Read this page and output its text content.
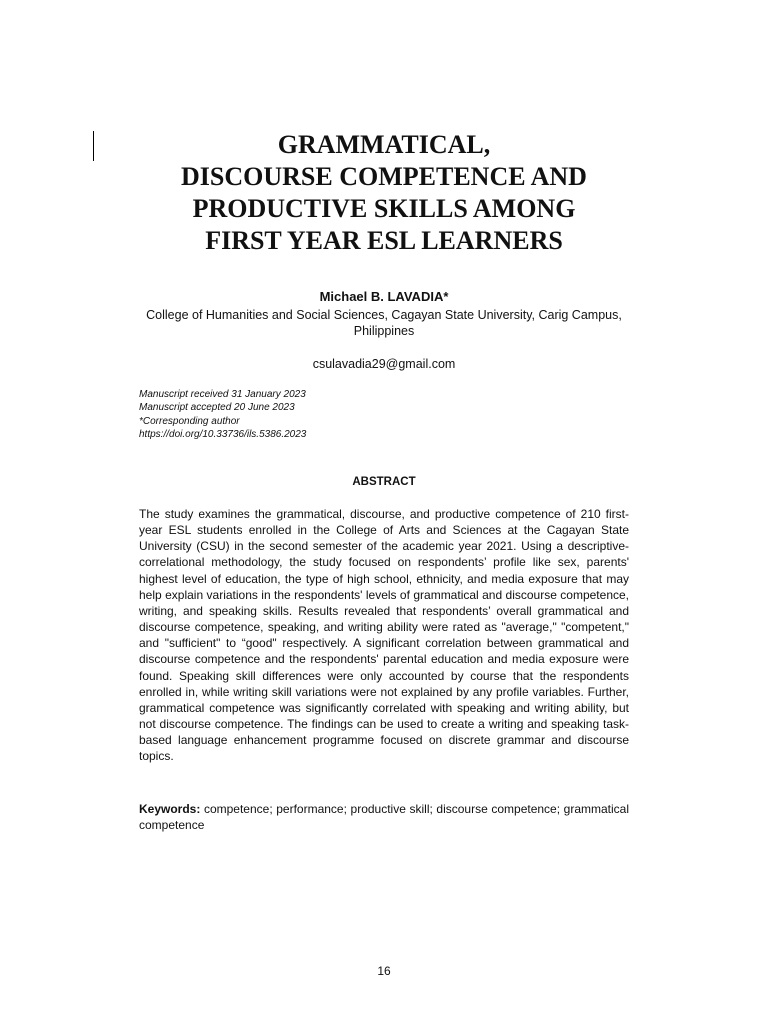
GRAMMATICAL,
DISCOURSE COMPETENCE AND
PRODUCTIVE SKILLS AMONG
FIRST YEAR ESL LEARNERS
Michael B. LAVADIA*
College of Humanities and Social Sciences, Cagayan State University, Carig Campus, Philippines
csulavadia29@gmail.com
Manuscript received 31 January 2023
Manuscript accepted 20 June 2023
*Corresponding author
https://doi.org/10.33736/ils.5386.2023
ABSTRACT

The study examines the grammatical, discourse, and productive competence of 210 first-year ESL students enrolled in the College of Arts and Sciences at the Cagayan State University (CSU) in the second semester of the academic year 2021. Using a descriptive-correlational methodology, the study focused on respondents’ profile like sex, parents' highest level of education, the type of high school, ethnicity, and media exposure that may help explain variations in the respondents' levels of grammatical and discourse competence, writing, and speaking skills. Results revealed that respondents’ overall grammatical and discourse competence, speaking, and writing ability were rated as "average," "competent," and "sufficient" to “good" respectively. A significant correlation between grammatical and discourse competence and the respondents' parental education and media exposure were found. Speaking skill differences were only accounted by course that the respondents enrolled in, while writing skill variations were not explained by any profile variables. Further, grammatical competence was significantly correlated with speaking and writing ability, but not discourse competence. The findings can be used to create a writing and speaking task-based language enhancement programme focused on discrete grammar and discourse topics.

Keywords: competence; performance; productive skill; discourse competence; grammatical competence

16
